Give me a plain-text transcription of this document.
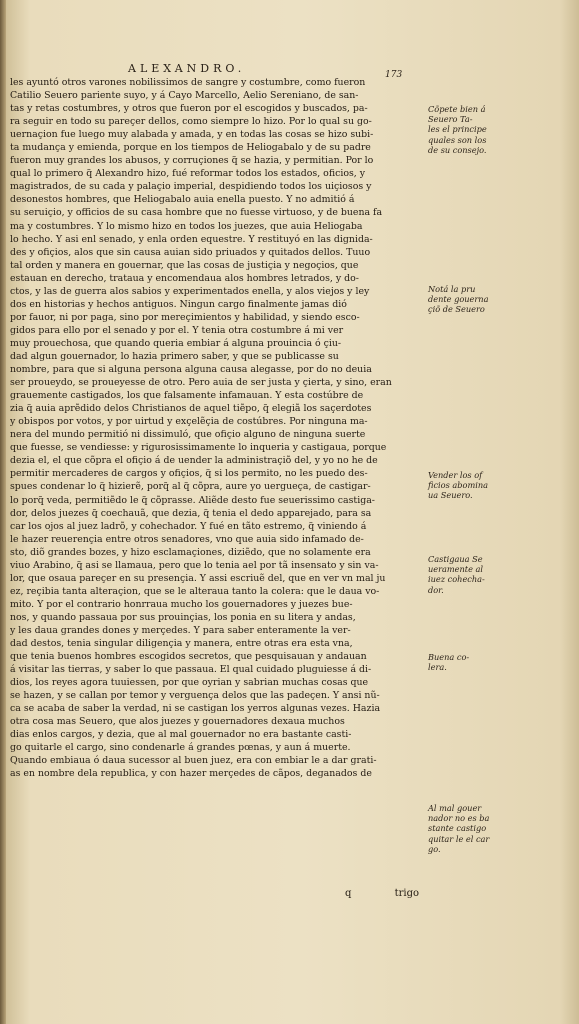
ALEXANDRO.	173
les ayuntó otros varones nobilissimos de sangre y costumbre, como fueron
Catilio Seuero pariente suyo, y á Cayo Marcello, Aelio Sereniano, de san-
tas y retas costumbres, y otros que fueron por el escogidos y buscados, pa-
ra seguir en todo su pareçer dellos, como siempre lo hizo. Por lo qual su go-
uernaçion fue luego muy alabada y amada, y en todas las cosas se hizo subi-
ta mudança y emienda, porque en los tiempos de Heliogabalo y de su padre
fueron muy grandes los abusos, y corruçiones q̃ se hazia, y permitian. Por lo
qual lo primero q̃ Alexandro hizo, fué reformar todos los estados, oficios, y
magistrados, de su cada y palaçio imperial, despidiendo todos los uiçiosos y
desonestos hombres, que Heliogabalo auia enella puesto. Y no admitió á
su seruiçio, y officios de su casa hombre que no fuesse virtuoso, y de buena fa
ma y costumbres. Y lo mismo hizo en todos los juezes, que auia Heliogaba
lo hecho. Y asi enl senado, y enla orden equestre. Y restituyó en las dignida-
des y ofiçios, alos que sin causa auian sido priuados y quitados dellos. Tuuo
tal orden y manera en gouernar, que las cosas de justiçia y negoçios, que
estauan en derecho, trataua y encomendaua alos hombres letrados, y do-
ctos, y las de guerra alos sabios y experimentados enella, y alos viejos y ley
dos en historias y hechos antiguos. Ningun cargo finalmente jamas dió
por fauor, ni por paga, sino por mereçimientos y habilidad, y siendo esco-
gidos para ello por el senado y por el. Y tenia otra costumbre á mi ver
muy prouechosa, que quando queria embiar á alguna prouincia ó çiu-
dad algun gouernador, lo hazia primero saber, y que se publicasse su
nombre, para que si alguna persona alguna causa alegasse, por do no deuia
ser proueydo, se proueyesse de otro. Pero auia de ser justa y çierta, y sino, eran
grauemente castigados, los que falsamente infamauan. Y esta costúbre de
zia q̃ auia aprẽdido delos Christianos de aquel tiẽpo, q̃ elegiã los saçerdotes
y obispos por votos, y por uirtud y exçelẽçia de costúbres. Por ninguna ma-
nera del mundo permitió ni dissimuló, que ofiçio alguno de ninguna suerte
que fuesse, se vendiesse: y rigurosissimamente lo inqueria y castigaua, porque
dezia el, el que cõpra el ofiçio á de uender la administraçiõ del, y yo no he de
permitir mercaderes de cargos y ofiçios, q̃ si los permito, no les puedo des-
spues condenar lo q̃ hizierẽ, porq̃ al q̃ cõpra, aure yo uergueça, de castigar-
lo porq̃ veda, permitiẽdo le q̃ cõprasse. Aliẽde desto fue seuerissimo castiga-
dor, delos juezes q̃ coechauã, que dezia, q̃ tenia el dedo apparejado, para sa
car los ojos al juez ladrõ, y cohechador. Y fué en tãto estremo, q̃ viniendo á
le hazer reuerençia entre otros senadores, vno que auia sido infamado de-
sto, diõ grandes bozes, y hizo esclamaçiones, diziẽdo, que no solamente era
viuo Arabino, q̃ asi se llamaua, pero que lo tenia ael por tã insensato y sin va-
lor, que osaua pareçer en su presençia. Y assi escriuẽ del, que en ver vn mal ju
ez, reçibia tanta alteraçion, que se le alteraua tanto la colera: que le daua vo-
mito. Y por el contrario honrraua mucho los gouernadores y juezes bue-
nos, y quando passaua por sus prouinçias, los ponia en su litera y andas,
y les daua grandes dones y merçedes. Y para saber enteramente la ver-
dad destos, tenia singular diligençia y manera, entre otras era esta vna,
que tenia buenos hombres escogidos secretos, que pesquisauan y andauan
á visitar las tierras, y saber lo que passaua. El qual cuidado pluguiesse á di-
dios, los reyes agora tuuiessen, por que oyrian y sabrian muchas cosas que
se hazen, y se callan por temor y verguença delos que las padeçen. Y ansi nũ-
ca se acaba de saber la verdad, ni se castigan los yerros algunas vezes. Hazia
otra cosa mas Seuero, que alos juezes y gouernadores dexaua muchos
dias enlos cargos, y dezia, que al mal gouernador no era bastante casti-
go quitarle el cargo, sino condenarle á grandes pœnas, y aun á muerte.
Quando embiaua ó daua sucessor al buen juez, era con embiar le a dar grati-
as en nombre dela republica, y con hazer merçedes de cãpos, deganados de
Cõpete bien á
Seuero Ta-
les el principe
quales son los
de su consejo.
Notá la pru
dente gouerna
çiõ de Seuero
Vender los of
ficios abomina
ua Seuero.
Castigaua Se
ueramente al
iuez cohecha-
dor.
Buena co-
lera.
Al mal gouer
nador no es ba
stante castigo
quitar le el car
go.
q	trigo
